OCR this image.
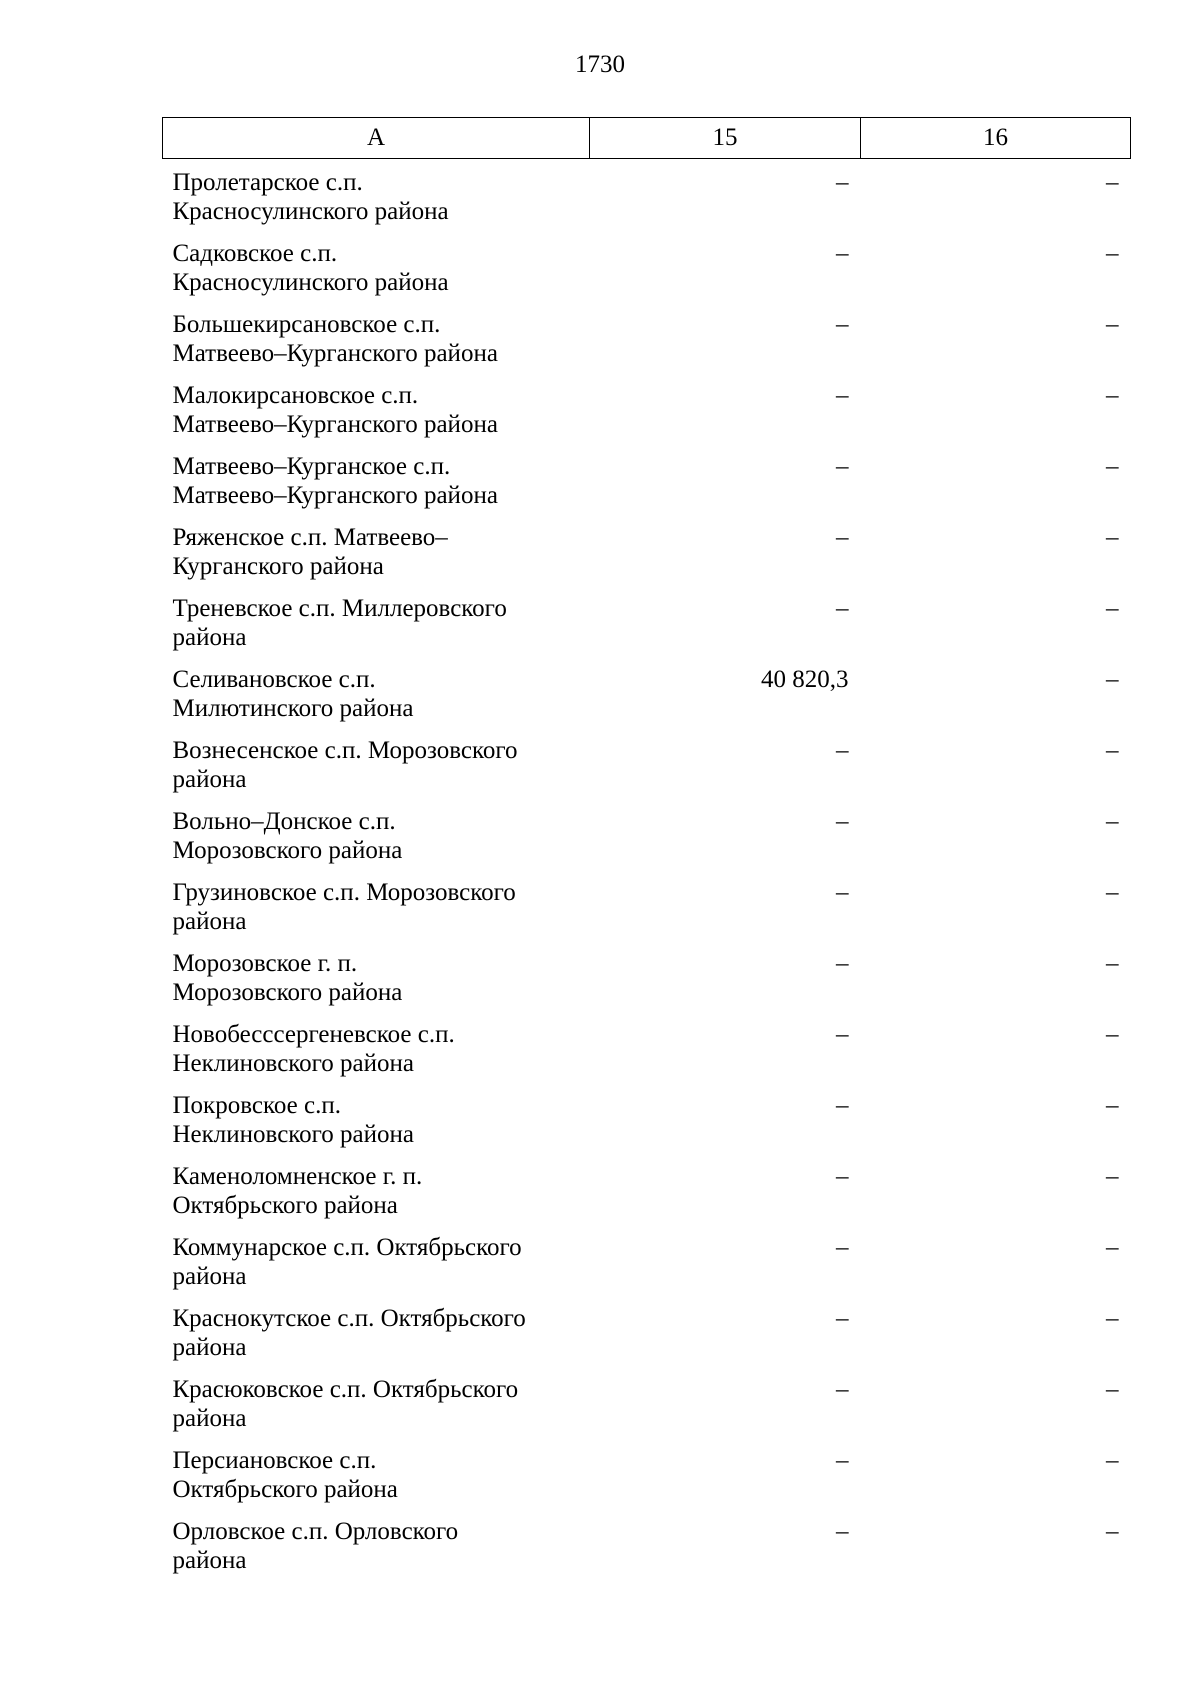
1730
А	15	16

Пролетарское с.п.
Красносулинского района	–	–

Садковское с.п.
Красносулинского района	–	–

Большекирсановское с.п.
Матвеево–Курганского района	–	–

Малокирсановское с.п.
Матвеево–Курганского района	–	–

Матвеево–Курганское с.п.
Матвеево–Курганского района	–	–

Ряженское с.п. Матвеево–
Курганского района	–	–

Треневское с.п. Миллеровского
района	–	–

Селивановское с.п.
Милютинского района	40 820,3	–

Вознесенское с.п. Морозовского
района	–	–

Вольно–Донское с.п.
Морозовского района	–	–

Грузиновское с.п. Морозовского
района	–	–

Морозовское г. п.
Морозовского района	–	–

Новобесссергеневское с.п.
Неклиновского района	–	–

Покровское с.п.
Неклиновского района	–	–

Каменоломненское г. п.
Октябрьского района	–	–

Коммунарское с.п. Октябрьского
района	–	–

Краснокутское с.п. Октябрьского
района	–	–

Красюковское с.п. Октябрьского
района	–	–

Персиановское с.п.
Октябрьского района	–	–

Орловское с.п. Орловского
района	–	–
